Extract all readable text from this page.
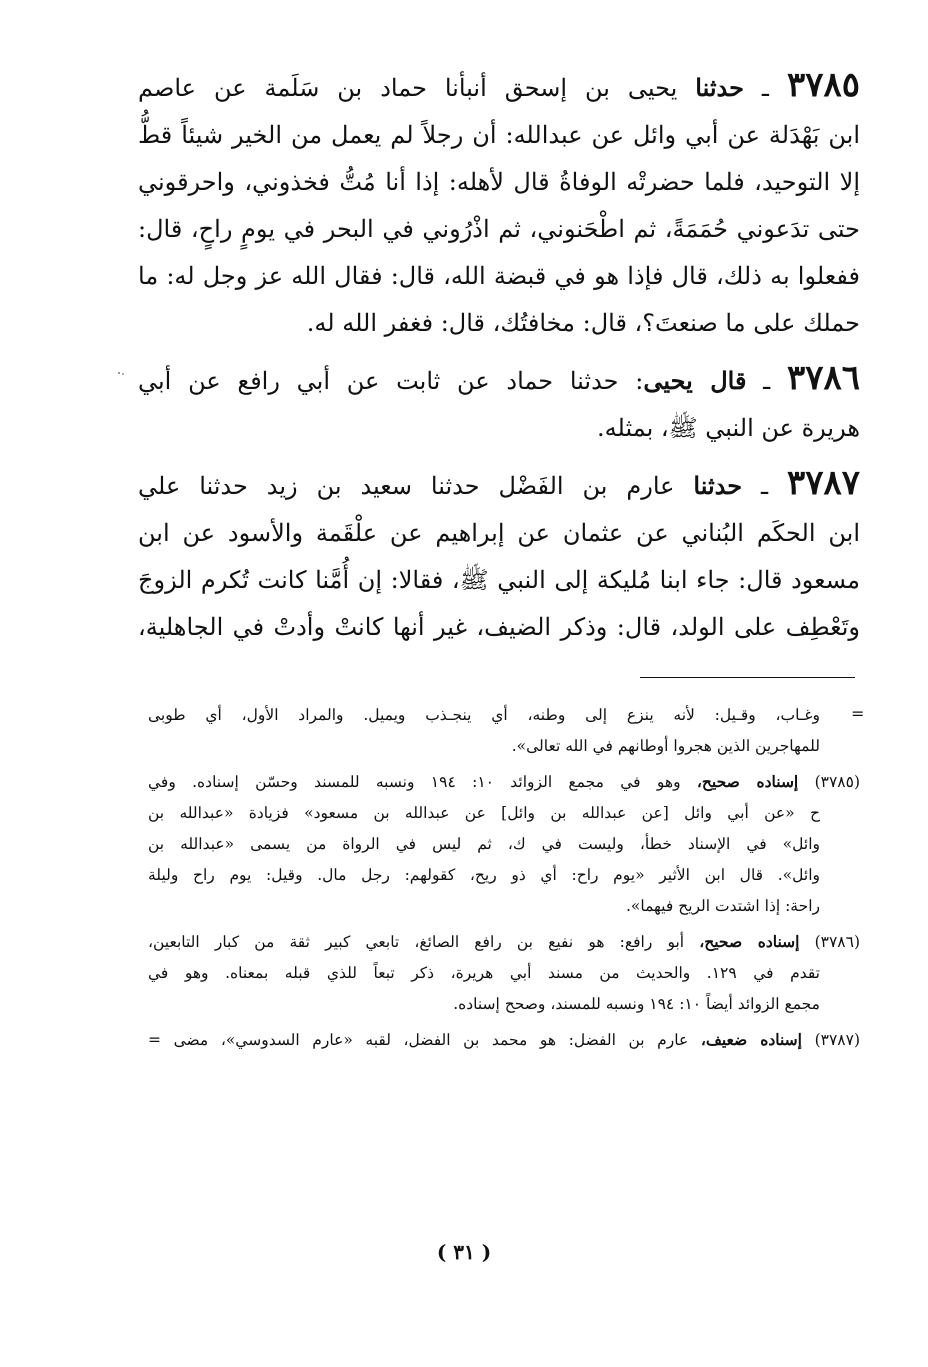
٣٧٨٥ ـ حدثنا يحيى بن إسحق أنبأنا حماد بن سَلَمة عن عاصم
ابن بَهْدَلة عن أبي وائل عن عبدالله: أن رجلاً لم يعمل من الخير شيئاً قطُّ
إلا التوحيد، فلما حضرتْه الوفاةُ قال لأهله: إذا أنا مُتُّ فخذوني، واحرقوني
حتى تدَعوني حُمَمَةً، ثم اطْحَنوني، ثم اذْرُوني في البحر في يومٍ راحٍ، قال:
ففعلوا به ذلك، قال فإذا هو في قبضة الله، قال: فقال الله عز وجل له: ما
حملك على ما صنعتَ؟، قال: مخافتُك، قال: فغفر الله له.
٣٧٨٦ ـ قال يحيى: حدثنا حماد عن ثابت عن أبي رافع عن أبي
هريرة عن النبي ﷺ، بمثله.
٣٧٨٧ ـ حدثنا عارم بن الفَضْل حدثنا سعيد بن زيد حدثنا علي
ابن الحكَم البُناني عن عثمان عن إبراهيم عن علْقَمة والأسود عن ابن
مسعود قال: جاء ابنا مُليكة إلى النبي ﷺ، فقالا: إن أُمَّنا كانت تُكرم الزوجَ
وتَعْطِف على الولد، قال: وذكر الضيف، غير أنها كانتْ وأدتْ في الجاهلية،
=
وغـاب، وقـيل: لأنه ينزع إلى وطنه، أي ينجـذب ويميل. والمراد الأول، أي طوبى
للمهاجرين الذين هجروا أوطانهم في الله تعالى».
(٣٧٨٥) إسناده صحيح، وهو في مجمع الزوائد ١٠: ١٩٤ ونسبه للمسند وحسّن إسناده. وفي
ح «عن أبي وائل [عن عبدالله بن وائل] عن عبدالله بن مسعود» فزيادة «عبدالله بن
وائل» في الإسناد خطأ، وليست في ك، ثم ليس في الرواة من يسمى «عبدالله بن
وائل». قال ابن الأثير «يوم راح: أي ذو ريح، كقولهم: رجل مال. وقيل: يوم راح وليلة
راحة: إذا اشتدت الريح فيهما».
(٣٧٨٦) إسناده صحيح، أبو رافع: هو نفيع بن رافع الصائغ، تابعي كبير ثقة من كبار التابعين،
تقدم في ١٢٩. والحديث من مسند أبي هريرة، ذكر تبعاً للذي قبله بمعناه. وهو في
مجمع الزوائد أيضاً ١٠: ١٩٤ ونسبه للمسند، وصحح إسناده.
(٣٧٨٧) إسناده ضعيف، عارم بن الفضل: هو محمد بن الفضل، لقبه «عارم السدوسي»، مضى =
( ٣١ )
